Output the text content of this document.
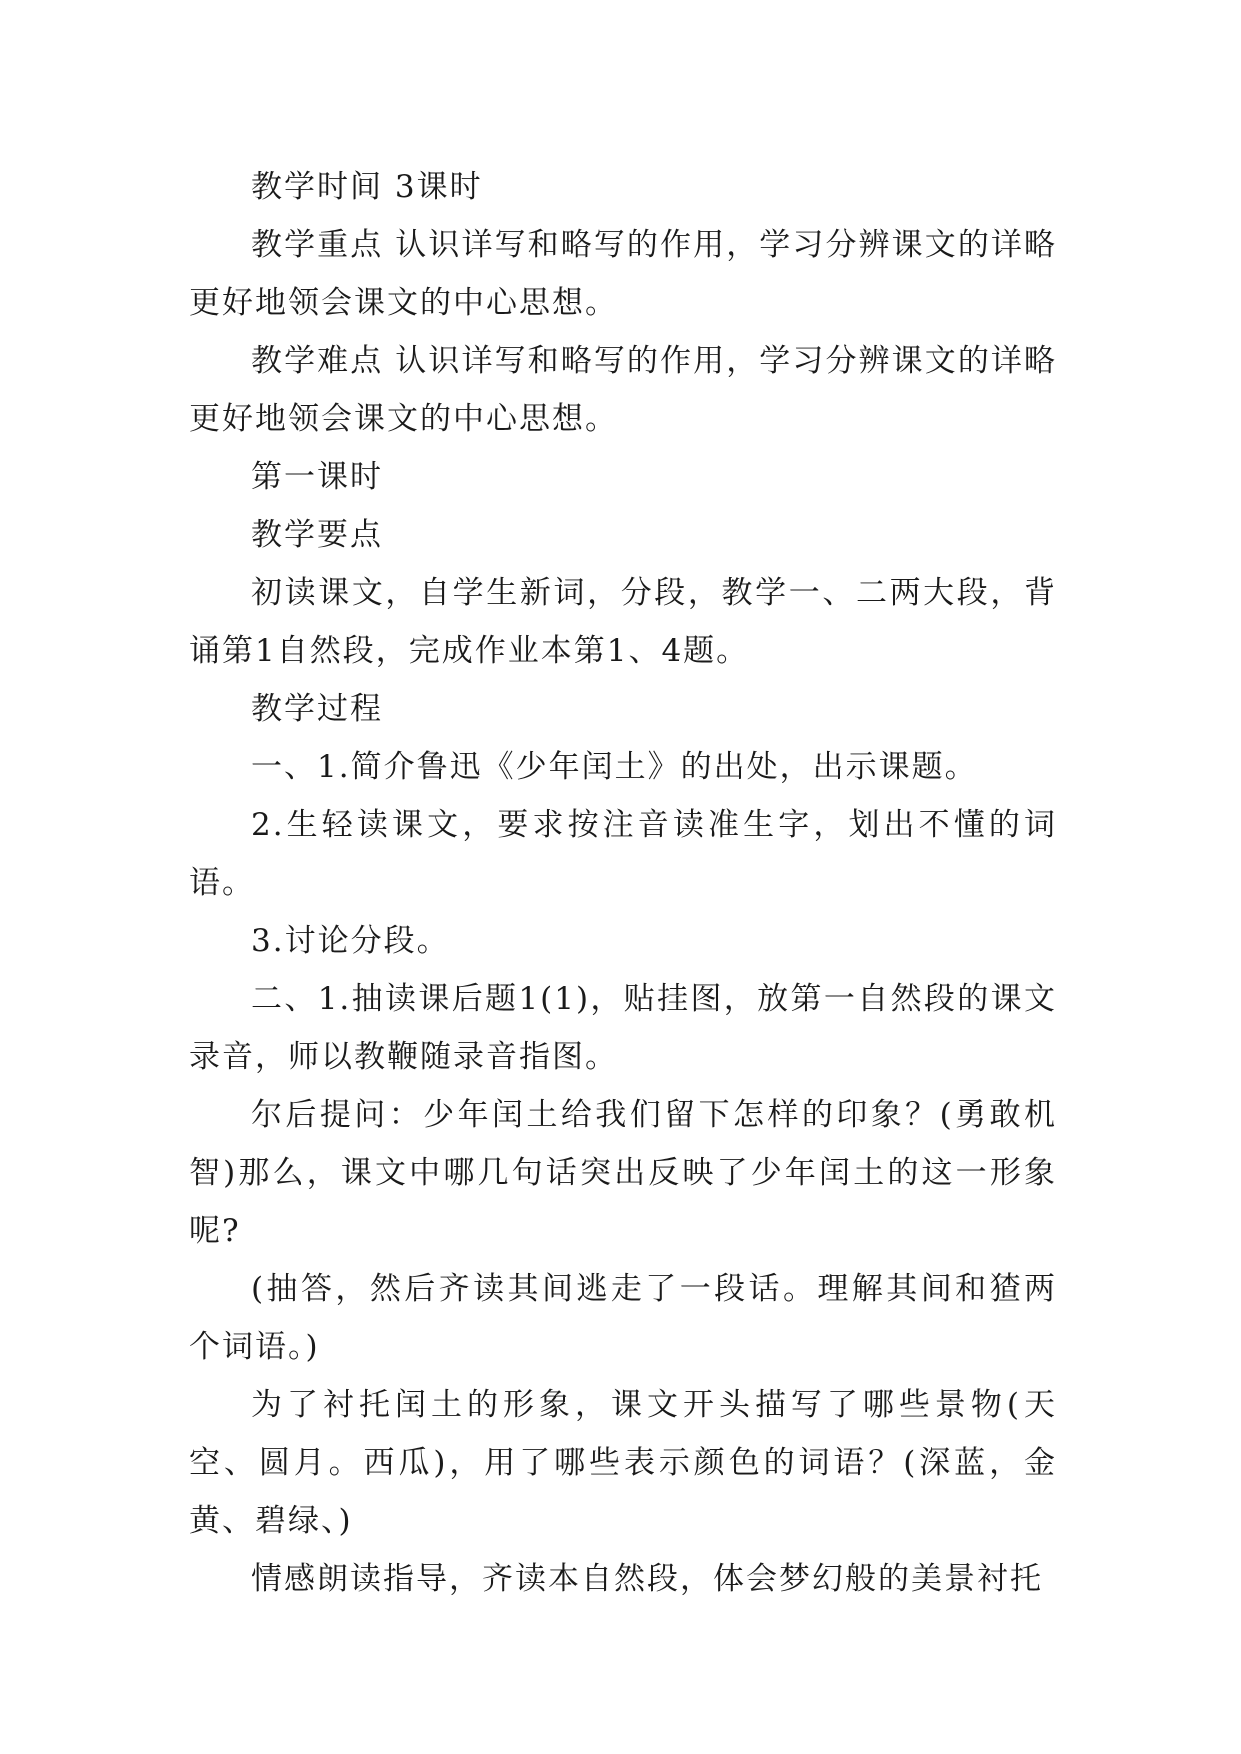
教学时间 3课时

教学重点 认识详写和略写的作用，学习分辨课文的详略更好地领会课文的中心思想。

教学难点 认识详写和略写的作用，学习分辨课文的详略更好地领会课文的中心思想。

第一课时

教学要点

初读课文，自学生新词，分段，教学一、二两大段，背诵第1自然段，完成作业本第1、4题。

教学过程

一、1.简介鲁迅《少年闰土》的出处，出示课题。

2.生轻读课文，要求按注音读准生字，划出不懂的词语。

3.讨论分段。

二、1.抽读课后题1(1)，贴挂图，放第一自然段的课文录音，师以教鞭随录音指图。

尔后提问：少年闰土给我们留下怎样的印象？(勇敢机智)那么，课文中哪几句话突出反映了少年闰土的这一形象呢?

(抽答，然后齐读其间逃走了一段话。理解其间和猹两个词语。)

为了衬托闰土的形象，课文开头描写了哪些景物(天空、圆月。西瓜)，用了哪些表示颜色的词语？(深蓝，金黄、碧绿、)

情感朗读指导，齐读本自然段，体会梦幻般的美景衬托
